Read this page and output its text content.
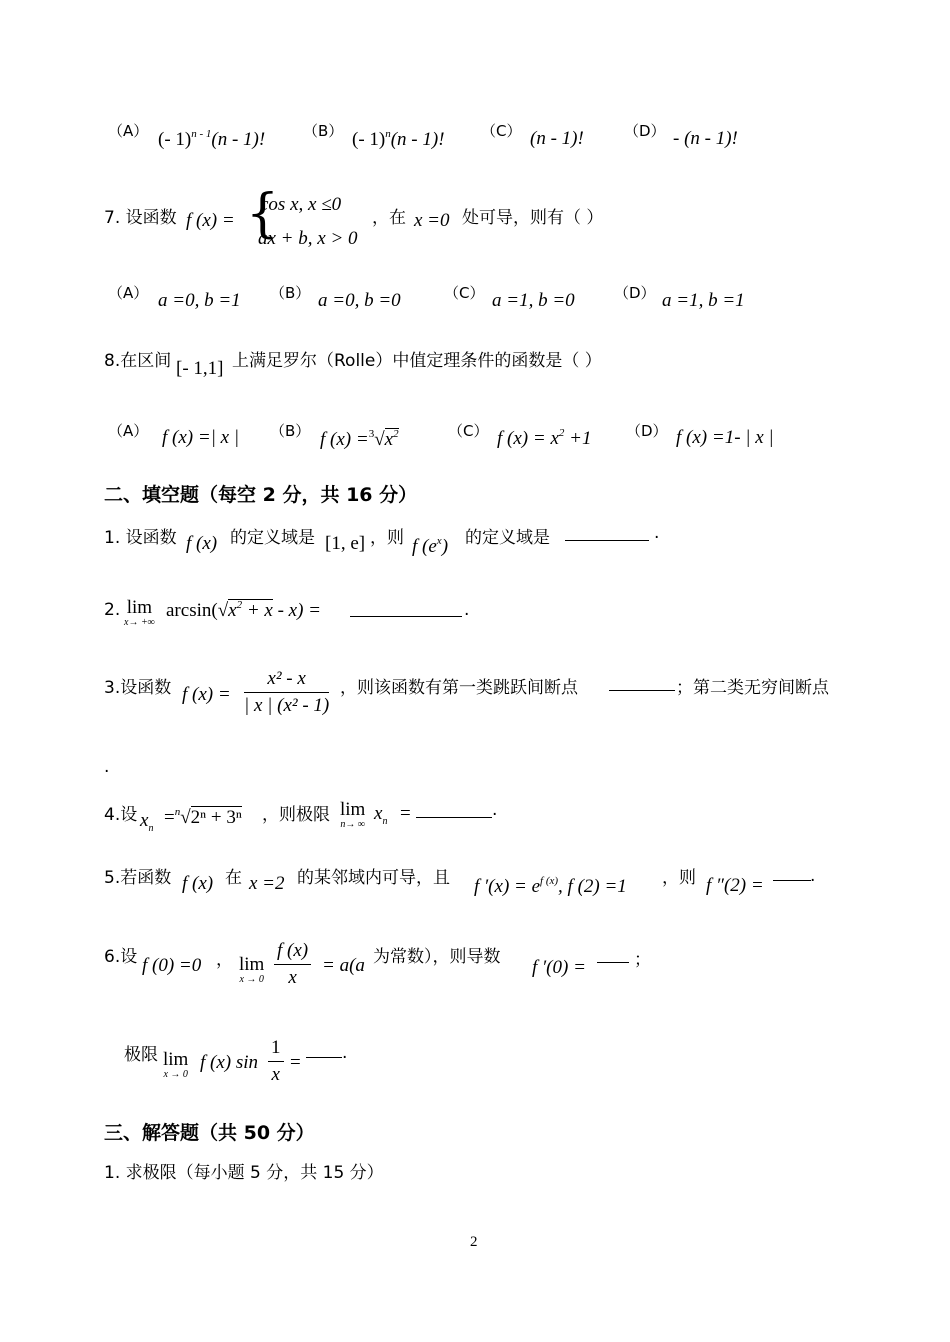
（A） (- 1)$^{n - 1}$(n - 1)!	（B） (- 1)$^n$(n - 1)! （C） (n - 1)!	（D） - (n - 1)!
7. 设函数 f (x) = {
cos x, x ≤0
ax + b, x > 0
，在 x =0 处可导，则有（ ）
（A） a =0, b =1 （B） a =0, b =0	（C） a =1, b =0	（D） a =1, b =1
8.在区间 [- 1,1] 上满足罗尔（Rolle）中值定理条件的函数是（ ）
（A） f (x) =| x | （B） f $(x) =^3√x^2$	（C） f $(x) = x^2 +1$ （D） f (x) =1- | x |
二、填空题（每空 2 分，共 16 分）
1. 设函数 f (x) 的定义域是 [1, e] ，则 f $(e^x)$ 的定义域是	.
2. lim
x→ +∞
$\arcsin(√x^2 + x - x)$ =	.
3.设函数 f $(x) = \frac{\text{x² - x}}{\text{| x | (x² - 1)}}$ ，则该函数有第一类跳跃间断点	；第二类无穷间断点
.
4.设 $x_n$
=$^n$√2ⁿ + 3ⁿ ，则极限 lim
n→ ∞
$x_n$ =	.
5.若函数 f (x) 在 x =2 的某邻域内可导，且 f $'(x) = e^{f (x)}$, f (2) =1 ，则 f ″(2) =	.
6.设 f (0) =0 ， lim
$x \to 0 \frac{f (x)}{x} = a(a$ 为常数），则导数 f ′(0) =	；
极限 lim
x → 0
f (x) $\sin \frac{1}{x}$ = .
三、解答题（共 50 分）
1. 求极限（每小题 5 分，共 15 分）
2
